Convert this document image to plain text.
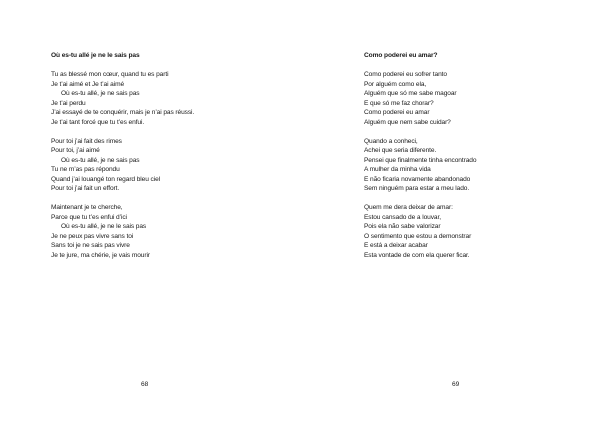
Où es-tu allé je ne le sais pas

Tu as blessé mon cœur, quand tu es parti
Je t’ai aimé et Je t’ai aimé
Où es-tu allé, je ne sais pas
Je t’ai perdu
J’ai essayé de te conquérir, mais je n’ai pas réussi.
Je t’ai tant forcé que tu t’es enfui.
Pour toi j’ai fait des rimes
Pour toi, j’ai aimé
Où es-tu allé, je ne sais pas
Tu ne m’as pas répondu
Quand j’ai louangé ton regard bleu ciel
Pour toi j’ai fait un effort.
Maintenant je te cherche,
Parce que tu t’es enfui d’ici
Où es-tu allé, je ne le sais pas
Je ne peux pas vivre sans toi
Sans toi je ne sais pas vivre
Je te jure, ma chérie, je vais mourir
68

Como poderei eu amar?

Como poderei eu sofrer tanto
Por alguém como ela,
Alguém que só me sabe magoar
E que só me faz chorar?
Como poderei eu amar
Alguém que nem sabe cuidar?
Quando a conheci,
Achei que seria diferente.
Pensei que finalmente tinha encontrado
A mulher da minha vida
E não ficaria novamente abandonado
Sem ninguém para estar a meu lado.
Quem me dera deixar de amar:
Estou cansado de a louvar,
Pois ela não sabe valorizar
O sentimento que estou a demonstrar
E está a deixar acabar
Esta vontade de com ela querer ficar.
69
